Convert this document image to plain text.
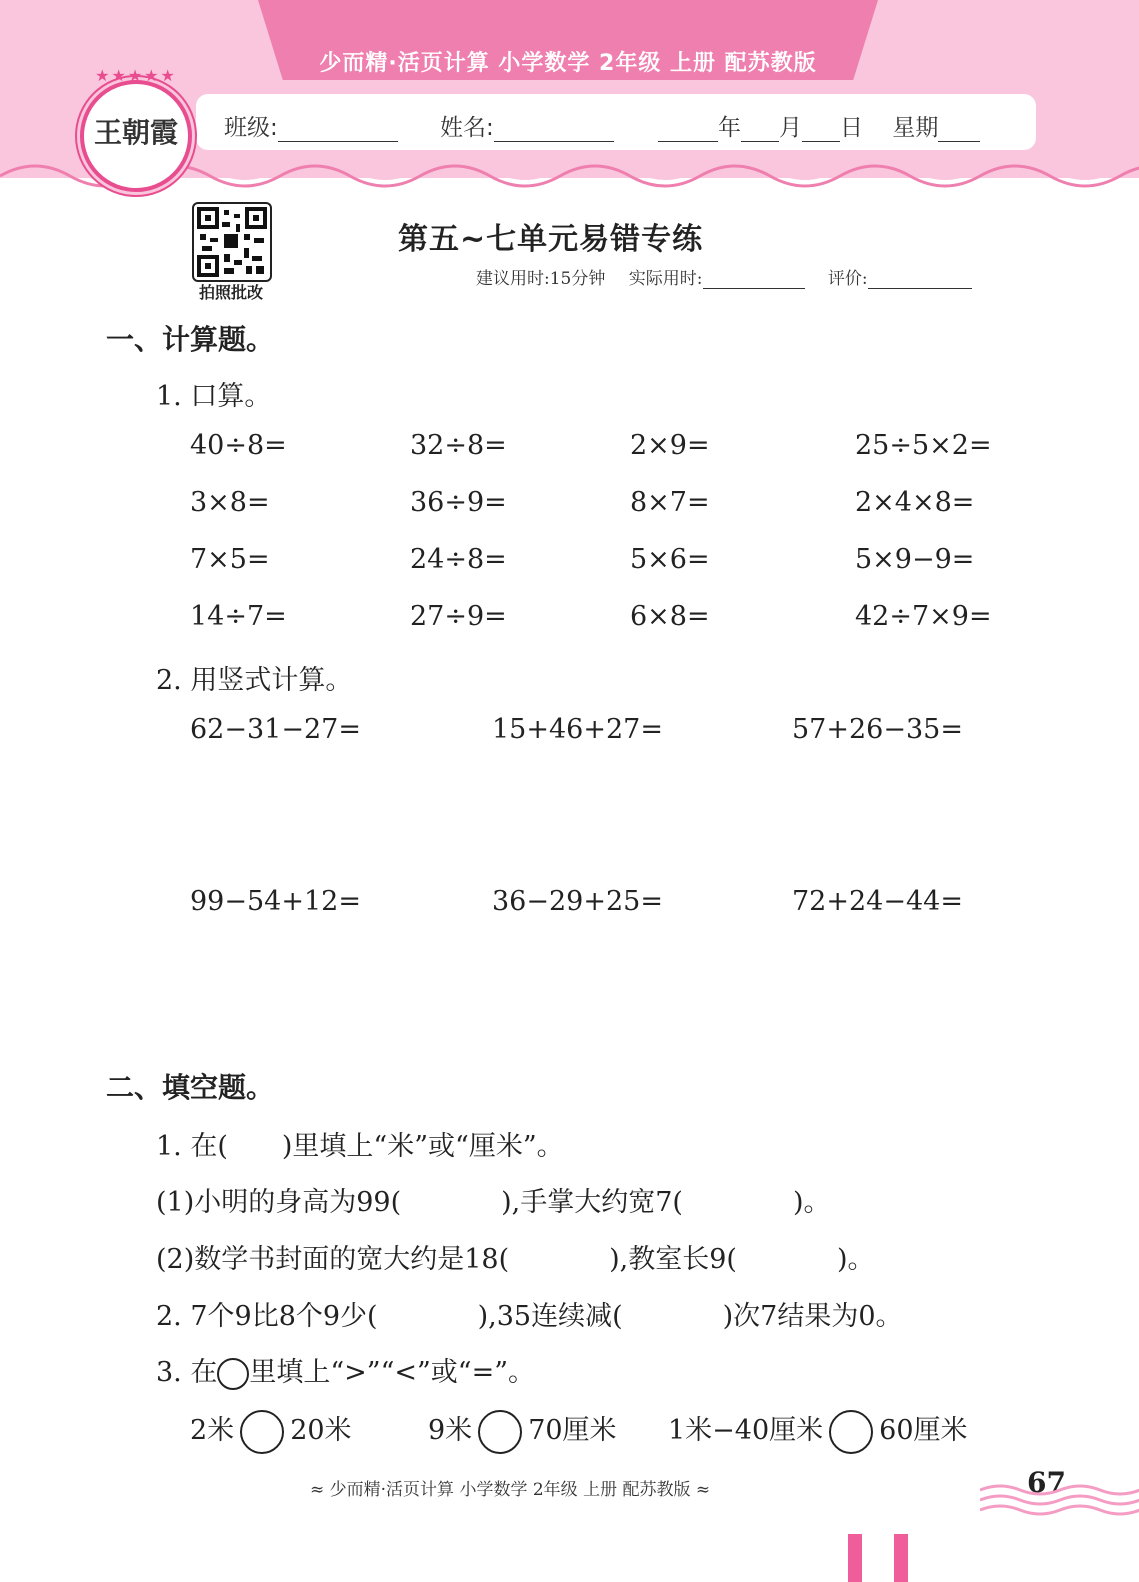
少而精·活页计算 小学数学 2年级 上册 配苏教版
班级:	姓名:	年 月 日 星期
★★★★★
王朝霞
拍照批改
第五~七单元易错专练
建议用时:15分钟 实际用时:	评价:
一、计算题。
1. 口算。
40÷8=	32÷8=	2×9=	25÷5×2=
3×8=	36÷9=	8×7=	2×4×8=
7×5=	24÷8=	5×6=	5×9−9=
14÷7=	27÷9=	6×8=	42÷7×9=
2. 用竖式计算。
62−31−27=	15+46+27=	57+26−35=
99−54+12=	36−29+25=	72+24−44=
二、填空题。
1. 在(　　)里填上“米”或“厘米”。
(1)小明的身高为99(	),手掌大约宽7(	)。
(2)数学书封面的宽大约是18(	),教室长9(	)。
2. 7个9比8个9少(	),35连续减(	)次7结果为0。
3. 在 里填上“>”“<”或“=”。
2米 20米	9米 70厘米 1米−40厘米 60厘米
≈ 少而精·活页计算 小学数学 2年级 上册 配苏教版 ≈	67
